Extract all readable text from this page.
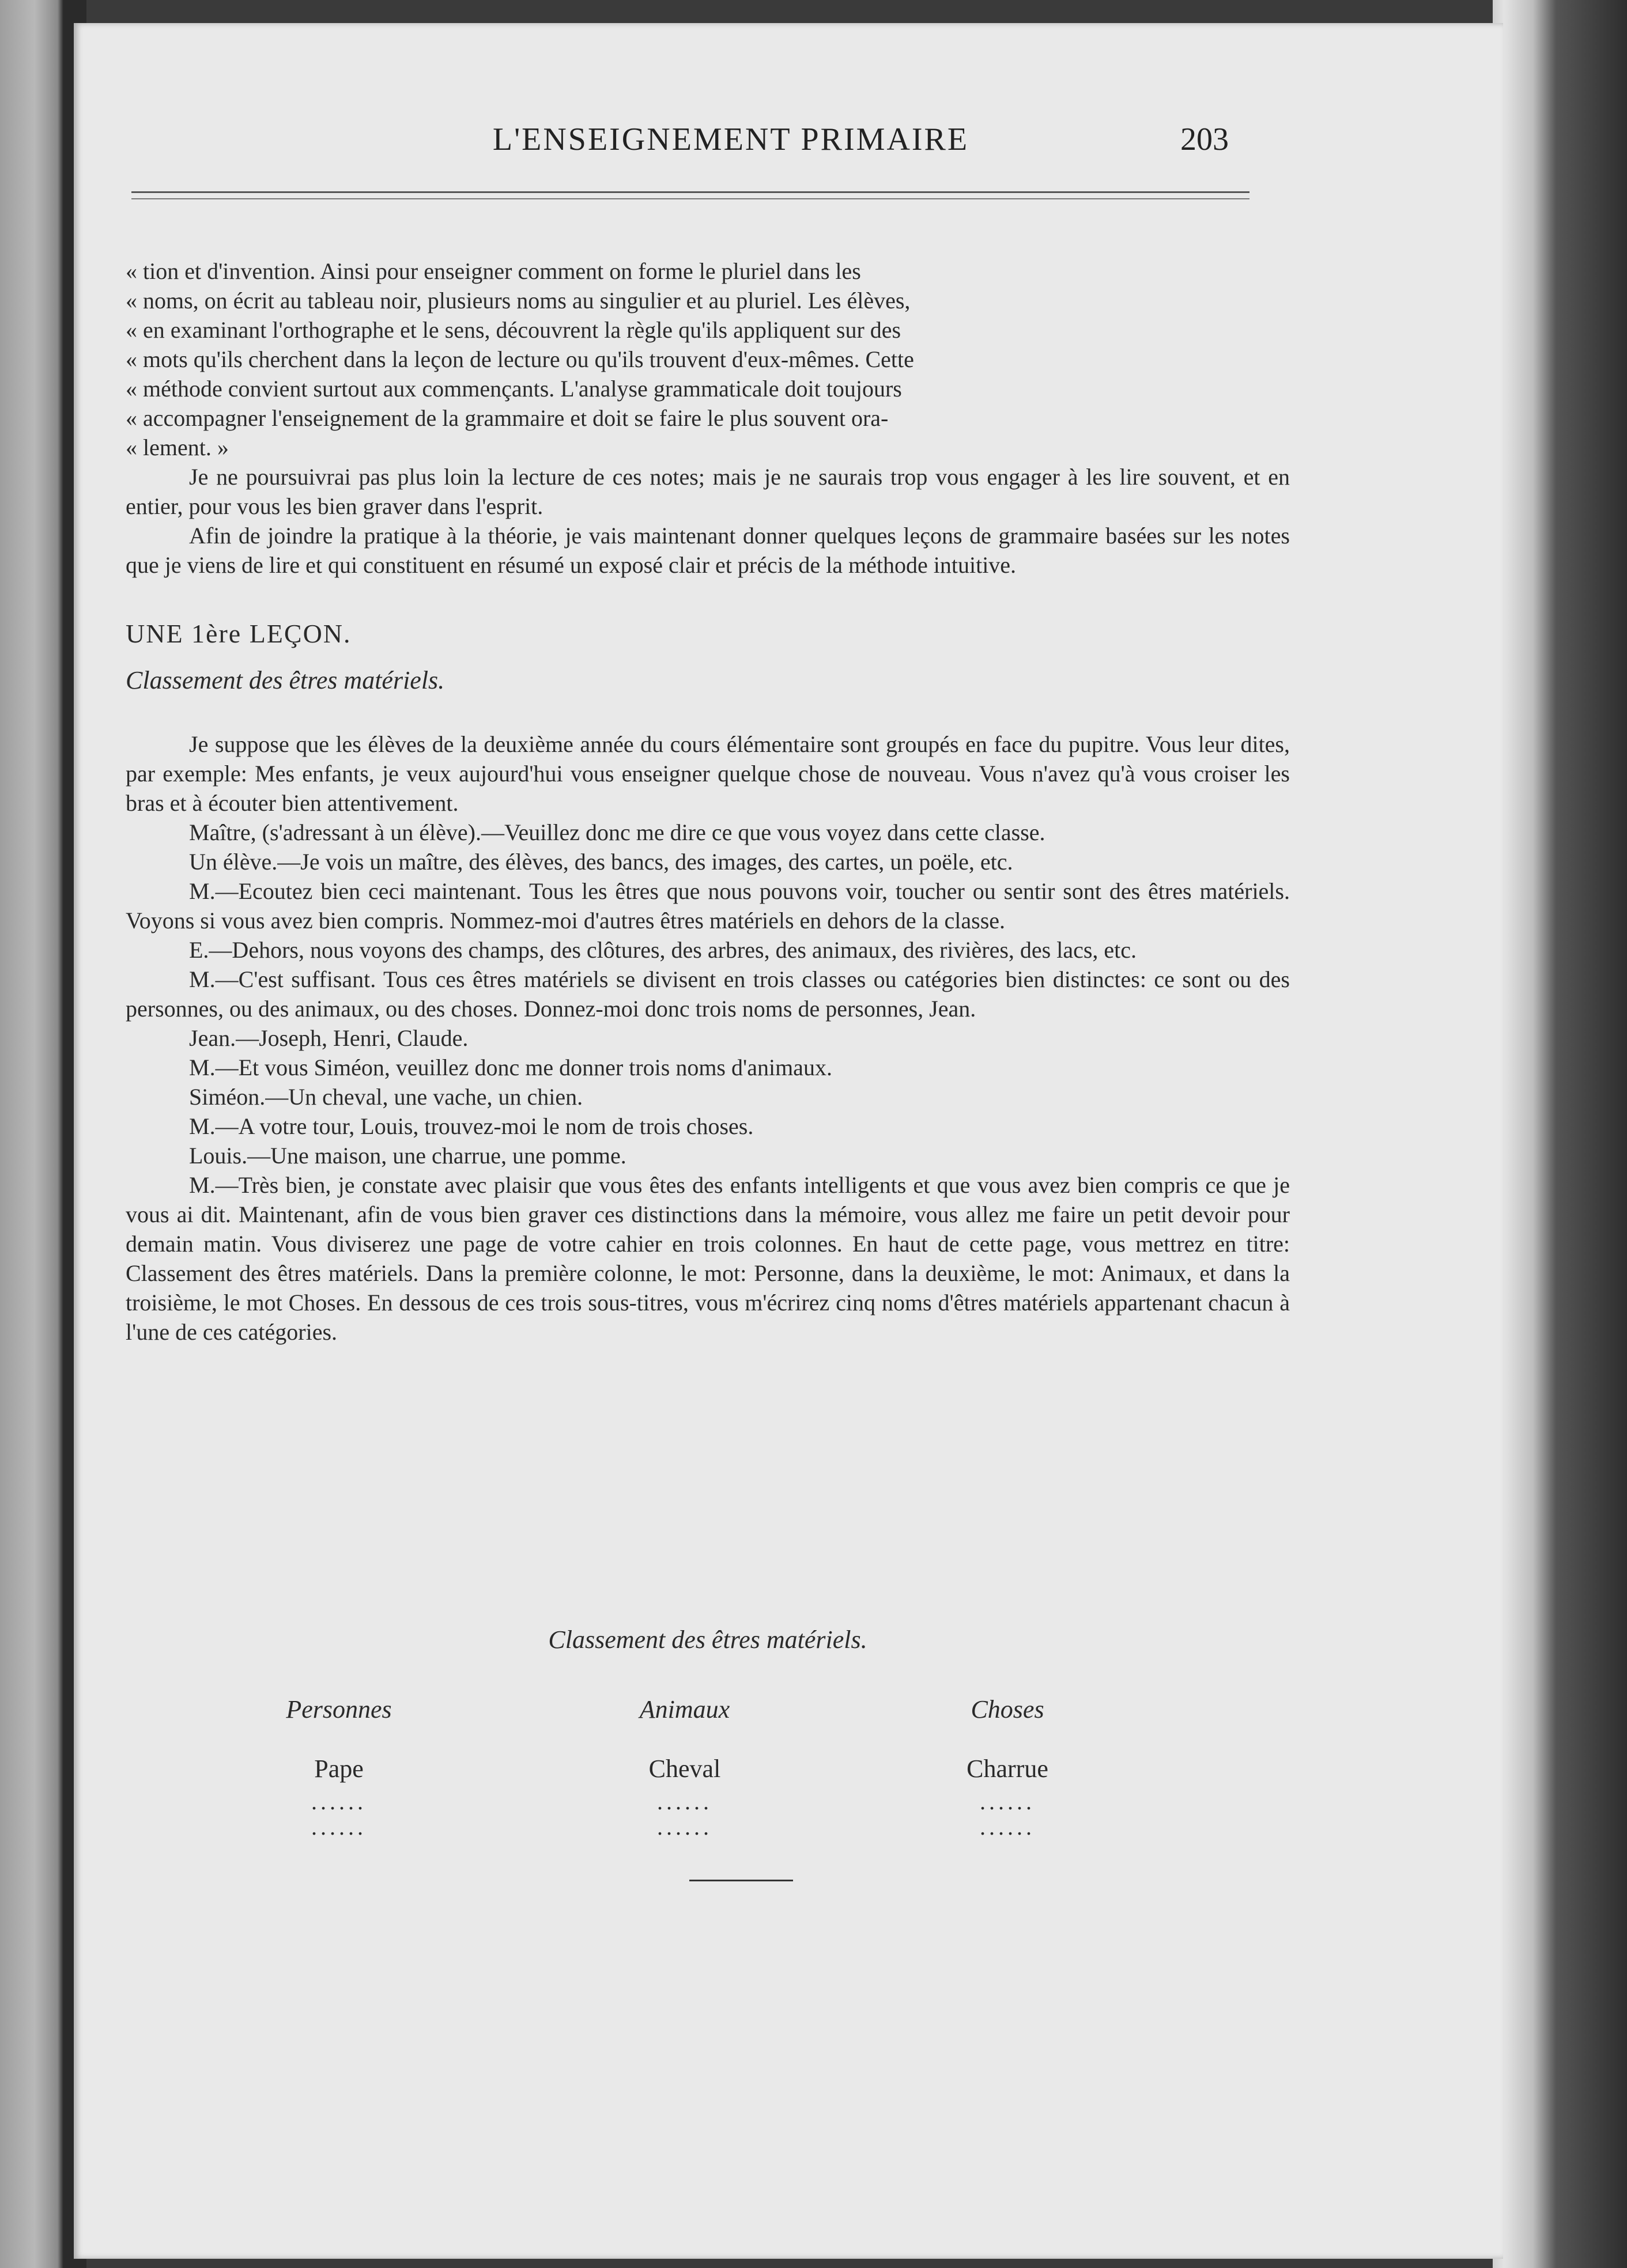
L'ENSEIGNEMENT PRIMAIRE	203

« tion et d'invention. Ainsi pour enseigner comment on forme le pluriel dans les

« noms, on écrit au tableau noir, plusieurs noms au singulier et au pluriel. Les élèves,

« en examinant l'orthographe et le sens, découvrent la règle qu'ils appliquent sur des

« mots qu'ils cherchent dans la leçon de lecture ou qu'ils trouvent d'eux-mêmes. Cette

« méthode convient surtout aux commençants. L'analyse grammaticale doit toujours

« accompagner l'enseignement de la grammaire et doit se faire le plus souvent ora-

« lement. »

Je ne poursuivrai pas plus loin la lecture de ces notes; mais je ne saurais trop vous engager à les lire souvent, et en entier, pour vous les bien graver dans l'esprit.

Afin de joindre la pratique à la théorie, je vais maintenant donner quelques leçons de grammaire basées sur les notes que je viens de lire et qui constituent en résumé un exposé clair et précis de la méthode intuitive.

UNE 1ère LEÇON.

Classement des êtres matériels.

Je suppose que les élèves de la deuxième année du cours élémentaire sont groupés en face du pupitre. Vous leur dites, par exemple: Mes enfants, je veux aujourd'hui vous enseigner quelque chose de nouveau. Vous n'avez qu'à vous croiser les bras et à écouter bien attentivement.

Maître, (s'adressant à un élève).—Veuillez donc me dire ce que vous voyez dans cette classe.

Un élève.—Je vois un maître, des élèves, des bancs, des images, des cartes, un poële, etc.

M.—Ecoutez bien ceci maintenant. Tous les êtres que nous pouvons voir, toucher ou sentir sont des êtres matériels. Voyons si vous avez bien compris. Nommez-moi d'autres êtres matériels en dehors de la classe.

E.—Dehors, nous voyons des champs, des clôtures, des arbres, des animaux, des rivières, des lacs, etc.

M.—C'est suffisant. Tous ces êtres matériels se divisent en trois classes ou catégories bien distinctes: ce sont ou des personnes, ou des animaux, ou des choses. Donnez-moi donc trois noms de personnes, Jean.

Jean.—Joseph, Henri, Claude.

M.—Et vous Siméon, veuillez donc me donner trois noms d'animaux.

Siméon.—Un cheval, une vache, un chien.

M.—A votre tour, Louis, trouvez-moi le nom de trois choses.

Louis.—Une maison, une charrue, une pomme.

M.—Très bien, je constate avec plaisir que vous êtes des enfants intelligents et que vous avez bien compris ce que je vous ai dit. Maintenant, afin de vous bien graver ces distinctions dans la mémoire, vous allez me faire un petit devoir pour demain matin. Vous diviserez une page de votre cahier en trois colonnes. En haut de cette page, vous mettrez en titre: Classement des êtres matériels. Dans la première colonne, le mot: Personne, dans la deuxième, le mot: Animaux, et dans la troisième, le mot Choses. En dessous de ces trois sous-titres, vous m'écrirez cinq noms d'êtres matériels appartenant chacun à l'une de ces catégories.

Classement des êtres matériels.
Personnes
Pape
......
......
Animaux
Cheval
......
......
Choses
Charrue
......
......
